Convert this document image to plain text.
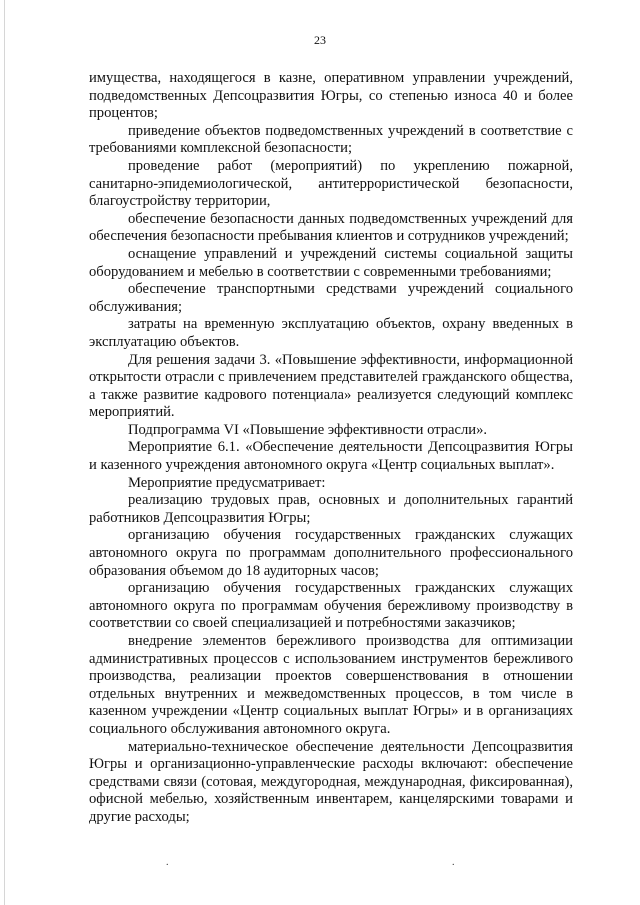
23

имущества, находящегося в казне, оперативном управлении учреждений, подведомственных Депсоцразвития Югры, со степенью износа 40 и более процентов;

приведение объектов подведомственных учреждений в соответствие с требованиями комплексной безопасности;

проведение работ (мероприятий) по укреплению пожарной, санитарно-эпидемиологической, антитеррористической безопасности, благоустройству территории,

обеспечение безопасности данных подведомственных учреждений для обеспечения безопасности пребывания клиентов и сотрудников учреждений;

оснащение управлений и учреждений системы социальной защиты оборудованием и мебелью в соответствии с современными требованиями;

обеспечение транспортными средствами учреждений социального обслуживания;

затраты на временную эксплуатацию объектов, охрану введенных в эксплуатацию объектов.

Для решения задачи 3. «Повышение эффективности, информационной открытости отрасли с привлечением представителей гражданского общества, а также развитие кадрового потенциала» реализуется следующий комплекс мероприятий.

Подпрограмма VI «Повышение эффективности отрасли».

Мероприятие 6.1. «Обеспечение деятельности Депсоцразвития Югры и казенного учреждения автономного округа «Центр социальных выплат».

Мероприятие предусматривает:

реализацию трудовых прав, основных и дополнительных гарантий работников Депсоцразвития Югры;

организацию обучения государственных гражданских служащих автономного округа по программам дополнительного профессионального образования объемом до 18 аудиторных часов;

организацию обучения государственных гражданских служащих автономного округа по программам обучения бережливому производству в соответствии со своей специализацией и потребностями заказчиков;

внедрение элементов бережливого производства для оптимизации административных процессов с использованием инструментов бережливого производства, реализации проектов совершенствования в отношении отдельных внутренних и межведомственных процессов, в том числе в казенном учреждении «Центр социальных выплат Югры» и в организациях социального обслуживания автономного округа.

материально-техническое обеспечение деятельности Депсоцразвития Югры и организационно-управленческие расходы включают: обеспечение средствами связи (сотовая, междугородная, международная, фиксированная), офисной мебелью, хозяйственным инвентарем, канцелярскими товарами и другие расходы;

.	.
